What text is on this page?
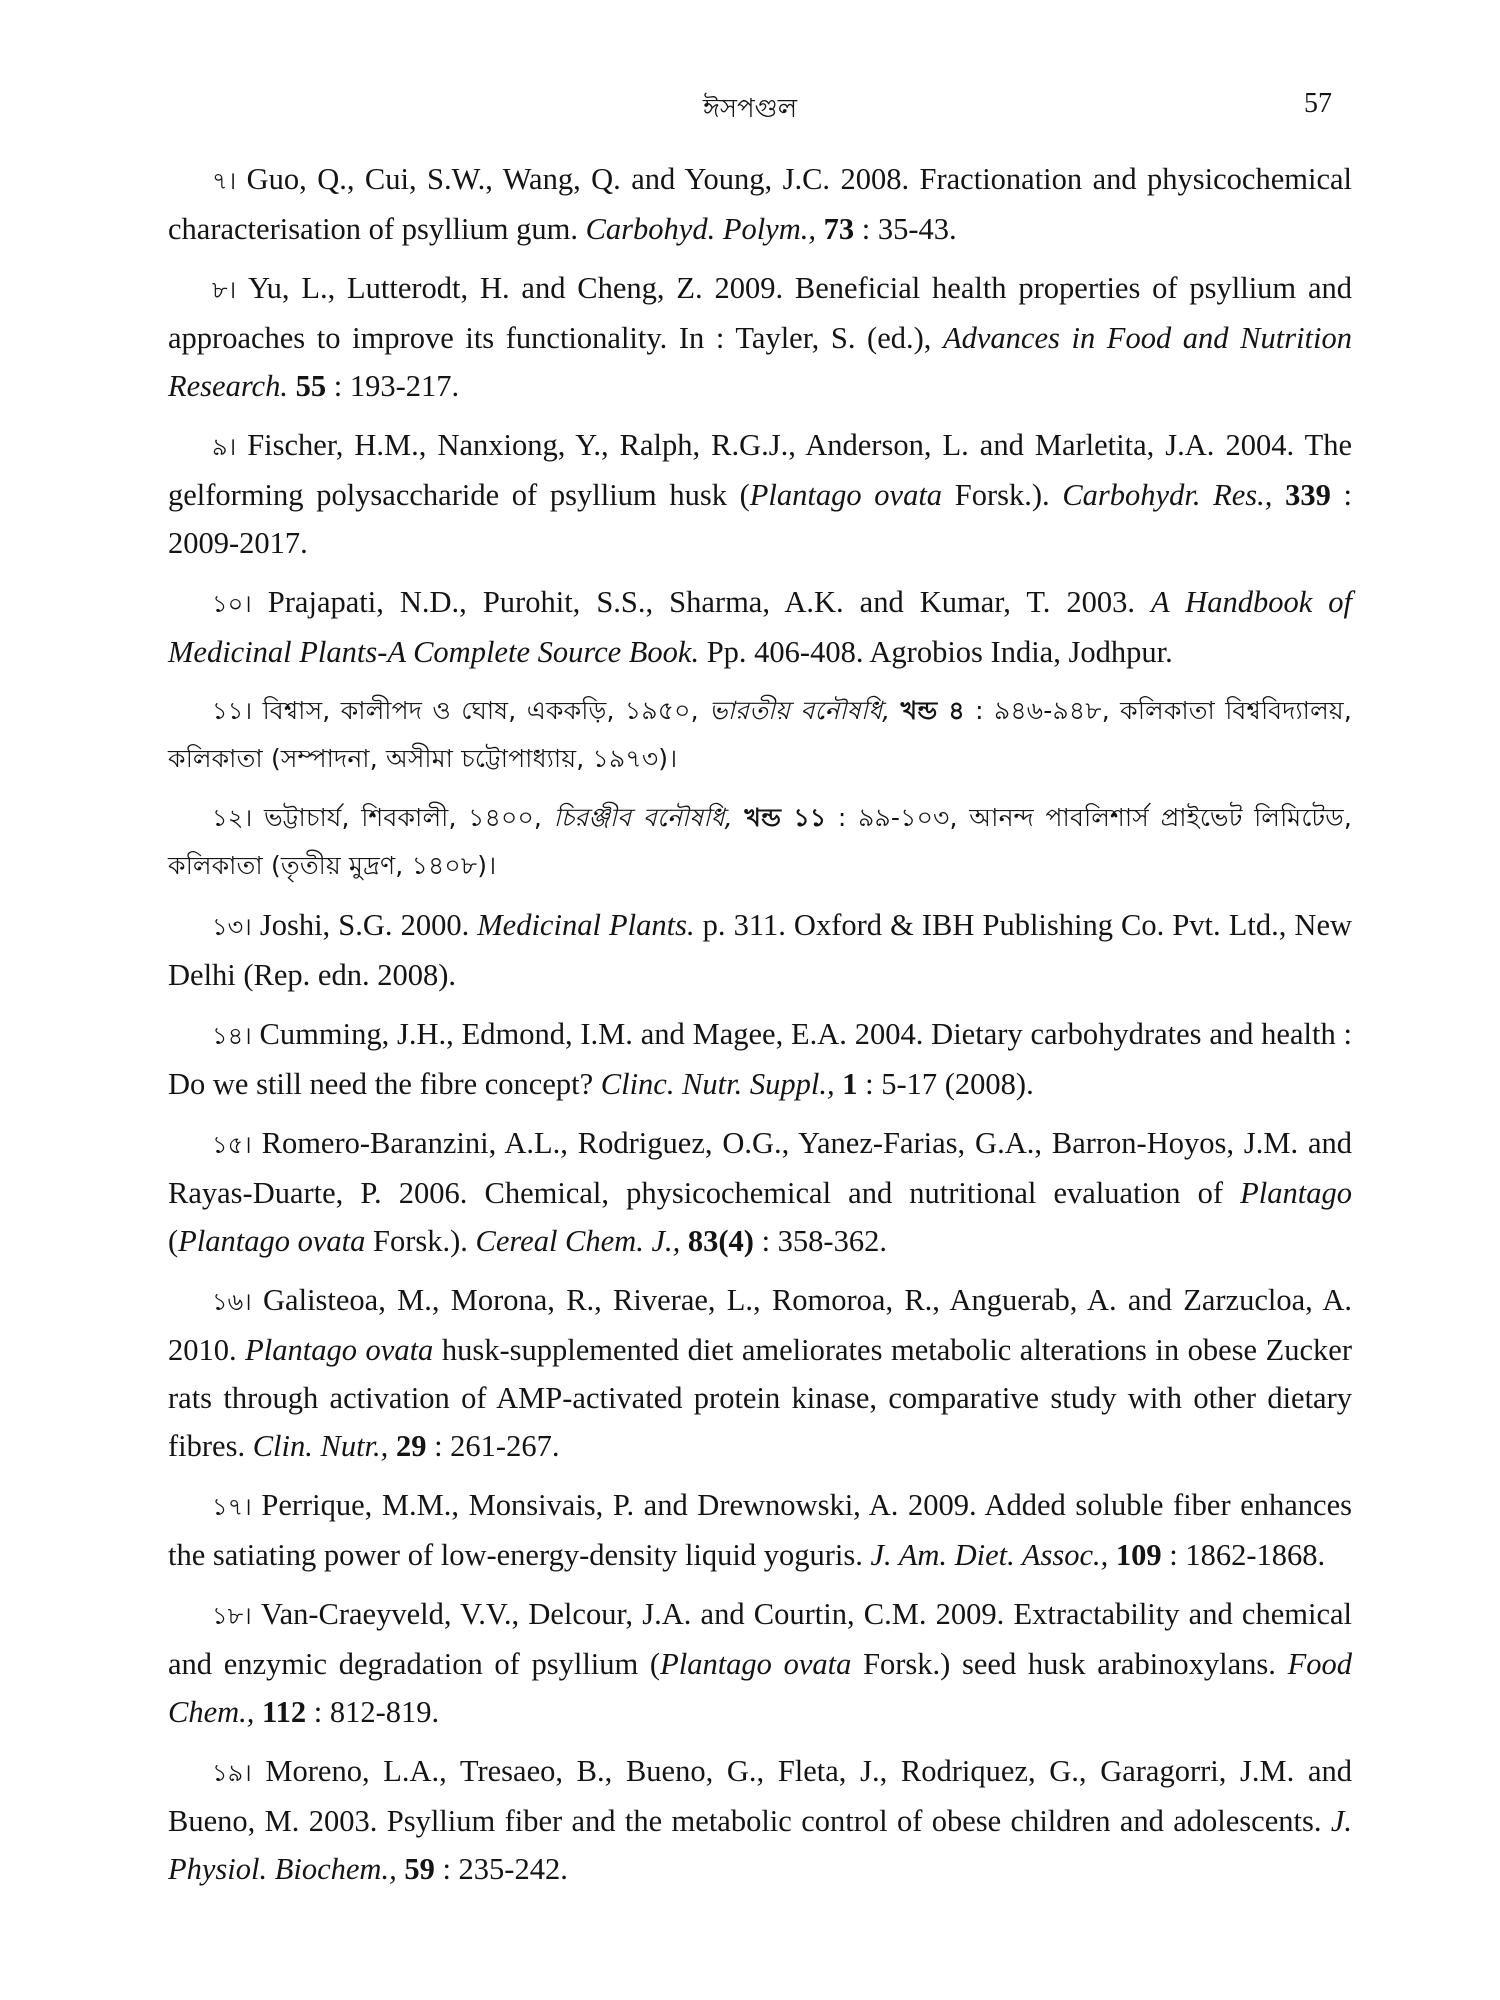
ঈসপগুল	57

৭। Guo, Q., Cui, S.W., Wang, Q. and Young, J.C. 2008. Fractionation and physicochemical characterisation of psyllium gum. Carbohyd. Polym., 73 : 35-43.

৮। Yu, L., Lutterodt, H. and Cheng, Z. 2009. Beneficial health properties of psyllium and approaches to improve its functionality. In : Tayler, S. (ed.), Advances in Food and Nutrition Research. 55 : 193-217.

৯। Fischer, H.M., Nanxiong, Y., Ralph, R.G.J., Anderson, L. and Marletita, J.A. 2004. The gelforming polysaccharide of psyllium husk (Plantago ovata Forsk.). Carbohydr. Res., 339 : 2009-2017.

১০। Prajapati, N.D., Purohit, S.S., Sharma, A.K. and Kumar, T. 2003. A Handbook of Medicinal Plants-A Complete Source Book. Pp. 406-408. Agrobios India, Jodhpur.

১১। বিশ্বাস, কালীপদ ও ঘোষ, এককড়ি, ১৯৫০, ভারতীয় বনৌষধি, খন্ড ৪ : ৯৪৬-৯৪৮, কলিকাতা বিশ্ববিদ্যালয়, কলিকাতা (সম্পাদনা, অসীমা চট্টোপাধ্যায়, ১৯৭৩)।

১২। ভট্টাচার্য, শিবকালী, ১৪০০, চিরঞ্জীব বনৌষধি, খন্ড ১১ : ৯৯-১০৩, আনন্দ পাবলিশার্স প্রাইভেট লিমিটেড, কলিকাতা (তৃতীয় মুদ্রণ, ১৪০৮)।

১৩। Joshi, S.G. 2000. Medicinal Plants. p. 311. Oxford & IBH Publishing Co. Pvt. Ltd., New Delhi (Rep. edn. 2008).

১৪। Cumming, J.H., Edmond, I.M. and Magee, E.A. 2004. Dietary carbohydrates and health : Do we still need the fibre concept? Clinc. Nutr. Suppl., 1 : 5-17 (2008).

১৫। Romero-Baranzini, A.L., Rodriguez, O.G., Yanez-Farias, G.A., Barron-Hoyos, J.M. and Rayas-Duarte, P. 2006. Chemical, physicochemical and nutritional evaluation of Plantago (Plantago ovata Forsk.). Cereal Chem. J., 83(4) : 358-362.

১৬। Galisteoa, M., Morona, R., Riverae, L., Romoroa, R., Anguerab, A. and Zarzucloa, A. 2010. Plantago ovata husk-supplemented diet ameliorates metabolic alterations in obese Zucker rats through activation of AMP-activated protein kinase, comparative study with other dietary fibres. Clin. Nutr., 29 : 261-267.

১৭। Perrique, M.M., Monsivais, P. and Drewnowski, A. 2009. Added soluble fiber enhances the satiating power of low-energy-density liquid yoguris. J. Am. Diet. Assoc., 109 : 1862-1868.

১৮। Van-Craeyveld, V.V., Delcour, J.A. and Courtin, C.M. 2009. Extractability and chemical and enzymic degradation of psyllium (Plantago ovata Forsk.) seed husk arabinoxylans. Food Chem., 112 : 812-819.

১৯। Moreno, L.A., Tresaeo, B., Bueno, G., Fleta, J., Rodriquez, G., Garagorri, J.M. and Bueno, M. 2003. Psyllium fiber and the metabolic control of obese children and adolescents. J. Physiol. Biochem., 59 : 235-242.
